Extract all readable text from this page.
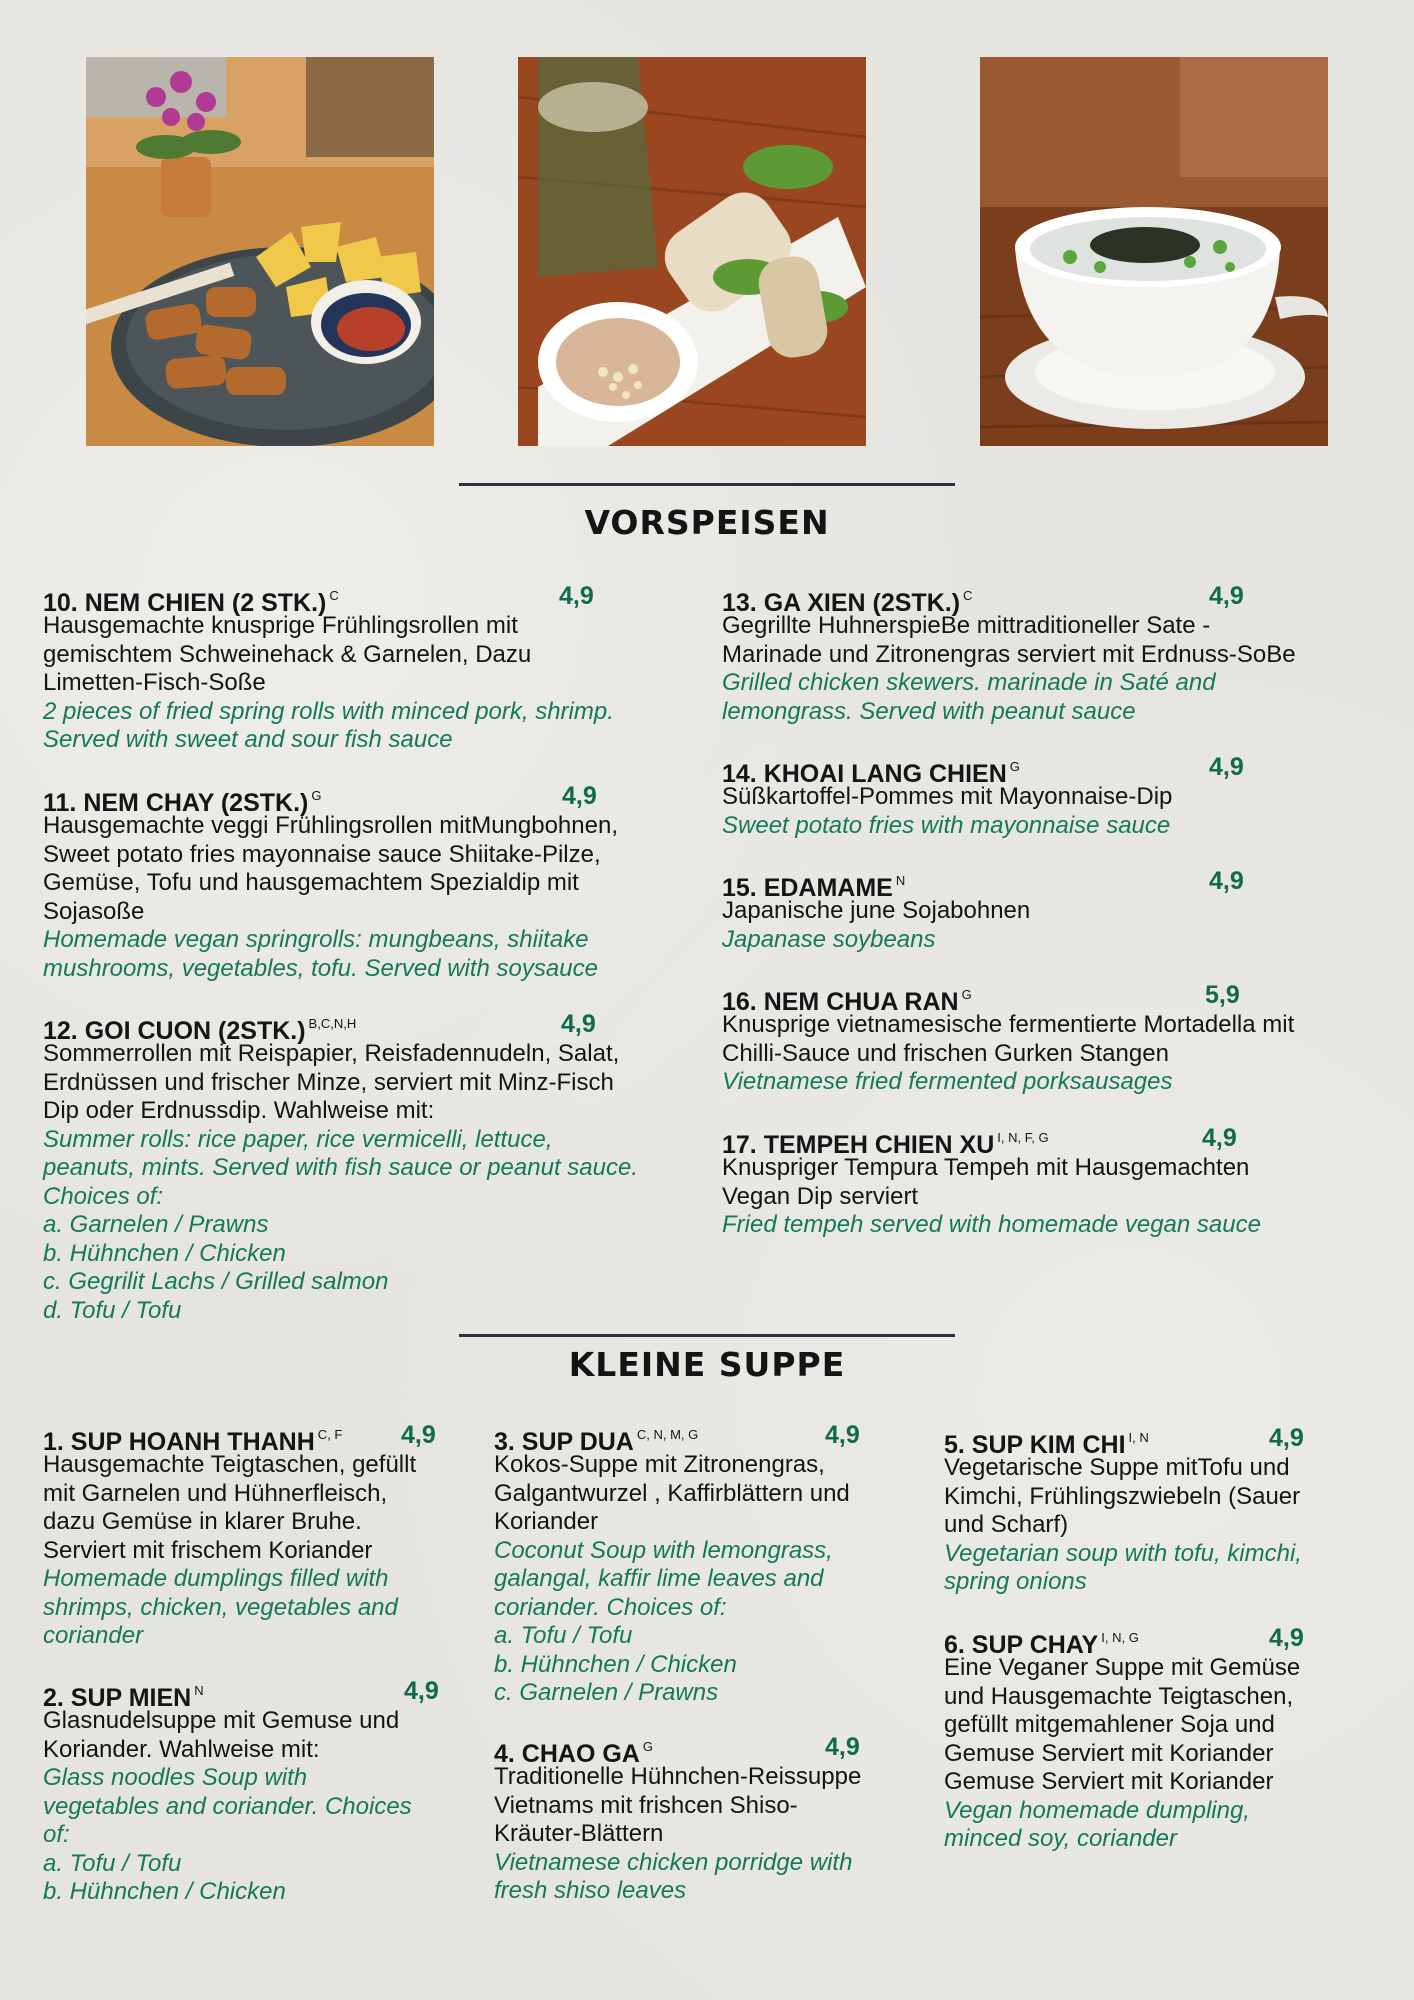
VORSPEISEN
10. NEM CHIEN (2 STK.) $^C$	4,9
Hausgemachte knusprige Frühlingsrollen mit
gemischtem Schweinehack & Garnelen, Dazu
Limetten-Fisch-Soße
2 pieces of fried spring rolls with minced pork, shrimp.
Served with sweet and sour fish sauce
11. NEM CHAY (2STK.) $^G$	4,9
Hausgemachte veggi Frühlingsrollen mitMungbohnen,
Sweet potato fries mayonnaise sauce Shiitake-Pilze,
Gemüse, Tofu und hausgemachtem Spezialdip mit
Sojasoße
Homemade vegan springrolls: mungbeans, shiitake
mushrooms, vegetables, tofu. Served with soysauce
12. GOI CUON (2STK.) $^{B,C,N,H}$	4,9
Sommerrollen mit Reispapier, Reisfadennudeln, Salat,
Erdnüssen und frischer Minze, serviert mit Minz-Fisch
Dip oder Erdnussdip. Wahlweise mit:
Summer rolls: rice paper, rice vermicelli, lettuce,
peanuts, mints. Served with fish sauce or peanut sauce.
Choices of:
a. Garnelen / Prawns
b. Hühnchen / Chicken
c. Gegrilit Lachs / Grilled salmon
d. Tofu / Tofu
13. GA XIEN (2STK.) $^C$	4,9
Gegrillte HuhnerspieBe mittraditioneller Sate -
Marinade und Zitronengras serviert mit Erdnuss-SoBe
Grilled chicken skewers. marinade in Saté and
lemongrass. Served with peanut sauce
14. KHOAI LANG CHIEN $^G$	4,9
Süßkartoffel-Pommes mit Mayonnaise-Dip
Sweet potato fries with mayonnaise sauce
15. EDAMAME $^N$	4,9
Japanische june Sojabohnen
Japanase soybeans
16. NEM CHUA RAN $^G$	5,9
Knusprige vietnamesische fermentierte Mortadella mit
Chilli-Sauce und frischen Gurken Stangen
Vietnamese fried fermented porksausages
17. TEMPEH CHIEN XU $^{I, N, F, G}$	4,9
Knuspriger Tempura Tempeh mit Hausgemachten
Vegan Dip serviert
Fried tempeh served with homemade vegan sauce
KLEINE SUPPE
1. SUP HOANH THANH $^{C, F}$ 4,9
Hausgemachte Teigtaschen, gefüllt
mit Garnelen und Hühnerfleisch,
dazu Gemüse in klarer Bruhe.
Serviert mit frischem Koriander
Homemade dumplings filled with
shrimps, chicken, vegetables and
coriander
2. SUP MIEN $^N$	4,9
Glasnudelsuppe mit Gemuse und
Koriander. Wahlweise mit:
Glass noodles Soup with
vegetables and coriander. Choices
of:
a. Tofu / Tofu
b. Hühnchen / Chicken
3. SUP DUA $^{C, N, M, G}$	4,9
Kokos-Suppe mit Zitronengras,
Galgantwurzel , Kaffirblättern und
Koriander
Coconut Soup with lemongrass,
galangal, kaffir lime leaves and
coriander. Choices of:
a. Tofu / Tofu
b. Hühnchen / Chicken
c. Garnelen / Prawns
4. CHAO GA $^G$	4,9
Traditionelle Hühnchen-Reissuppe
Vietnams mit frishcen Shiso-
Kräuter-Blättern
Vietnamese chicken porridge with
fresh shiso leaves
5. SUP KIM CHI $^{I, N}$	4,9
Vegetarische Suppe mitTofu und
Kimchi, Frühlingszwiebeln (Sauer
und Scharf)
Vegetarian soup with tofu, kimchi,
spring onions
6. SUP CHAY $^{I, N, G}$	4,9
Eine Veganer Suppe mit Gemüse
und Hausgemachte Teigtaschen,
gefüllt mitgemahlener Soja und
Gemuse Serviert mit Koriander
Gemuse Serviert mit Koriander
Vegan homemade dumpling,
minced soy, coriander
